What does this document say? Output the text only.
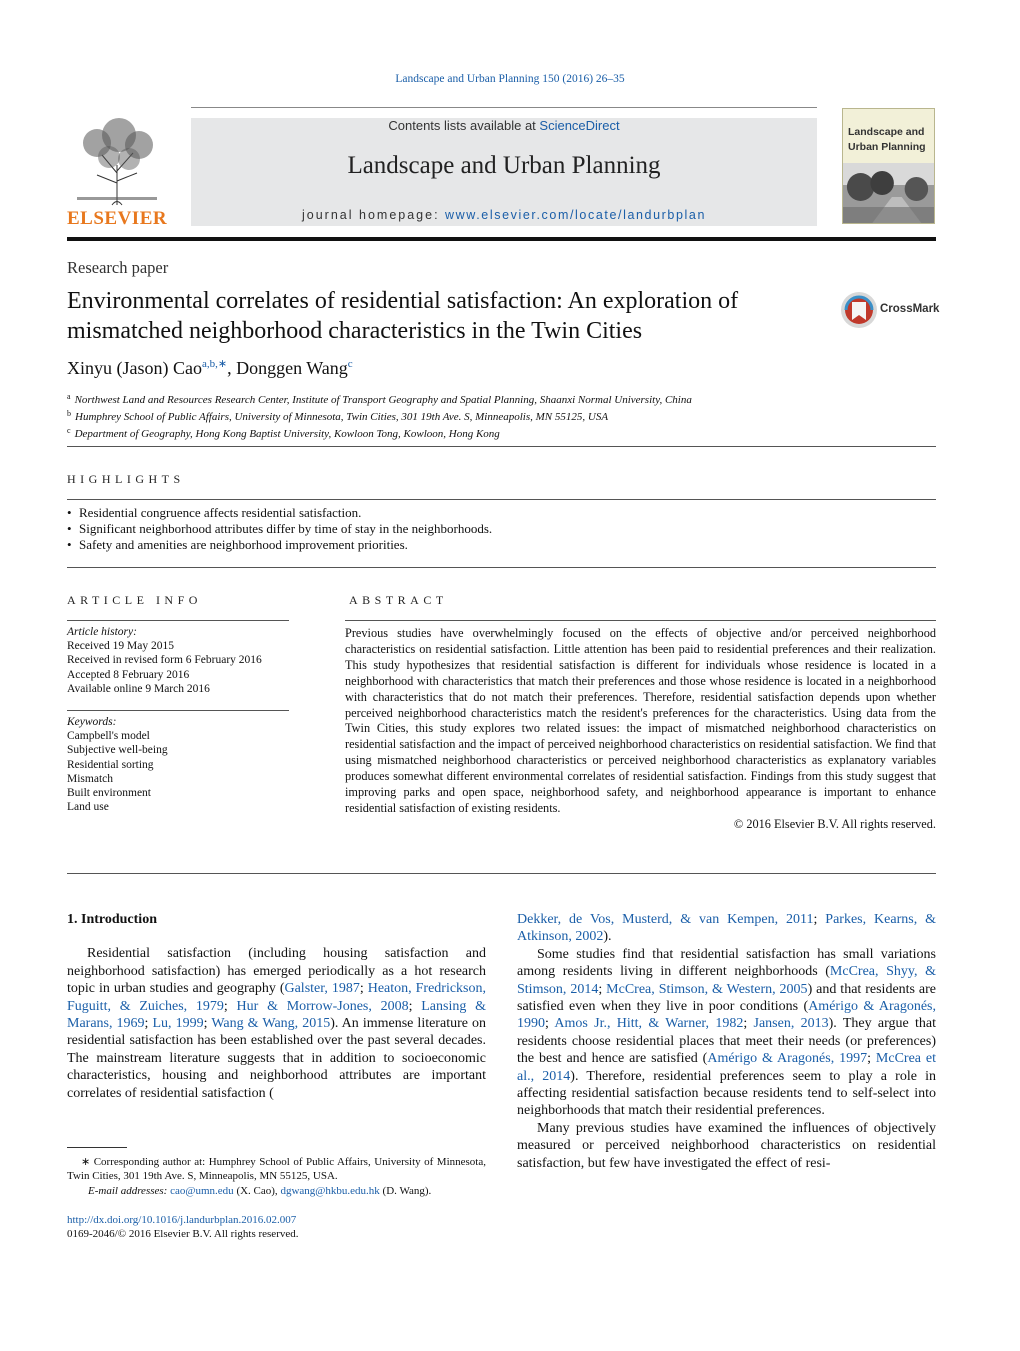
Landscape and Urban Planning 150 (2016) 26–35
ELSEVIER
Contents lists available at ScienceDirect
Landscape and Urban Planning
journal homepage: www.elsevier.com/locate/landurbplan
Landscape and
Urban Planning
Research paper
Environmental correlates of residential satisfaction: An exploration of mismatched neighborhood characteristics in the Twin Cities
CrossMark
Xinyu (Jason) Cao$^{a,b,∗}$, Donggen Wang$^c$
$^a$ Northwest Land and Resources Research Center, Institute of Transport Geography and Spatial Planning, Shaanxi Normal University, China
$^b$ Humphrey School of Public Affairs, University of Minnesota, Twin Cities, 301 19th Ave. S, Minneapolis, MN 55125, USA
$^c$ Department of Geography, Hong Kong Baptist University, Kowloon Tong, Kowloon, Hong Kong
HIGHLIGHTS
• Residential congruence affects residential satisfaction.
• Significant neighborhood attributes differ by time of stay in the neighborhoods.
• Safety and amenities are neighborhood improvement priorities.
ARTICLE INFO
Article history:
Received 19 May 2015
Received in revised form 6 February 2016
Accepted 8 February 2016
Available online 9 March 2016
Keywords:
Campbell's model
Subjective well-being
Residential sorting
Mismatch
Built environment
Land use
ABSTRACT
Previous studies have overwhelmingly focused on the effects of objective and/or perceived neighborhood characteristics on residential satisfaction. Little attention has been paid to residential preferences and their realization. This study hypothesizes that residential satisfaction is different for individuals whose residence is located in a neighborhood with characteristics that match their preferences and those whose residence is located in a neighborhood with characteristics that do not match their preferences. Therefore, residential satisfaction depends upon whether perceived neighborhood characteristics match the resident's preferences for the characteristics. Using data from the Twin Cities, this study explores two related issues: the impact of mismatched neighborhood characteristics on residential satisfaction and the impact of perceived neighborhood characteristics on residential satisfaction. We find that using mismatched neighborhood characteristics or perceived neighborhood characteristics as explanatory variables produces somewhat different environmental correlates of residential satisfaction. Findings from this study suggest that improving parks and open space, neighborhood safety, and neighborhood appearance is important to enhance residential satisfaction of existing residents.
© 2016 Elsevier B.V. All rights reserved.

1. Introduction

Residential satisfaction (including housing satisfaction and neighborhood satisfaction) has emerged periodically as a hot research topic in urban studies and geography (Galster, 1987; Heaton, Fredrickson, Fuguitt, & Zuiches, 1979; Hur & Morrow-Jones, 2008; Lansing & Marans, 1969; Lu, 1999; Wang & Wang, 2015). An immense literature on residential satisfaction has been established over the past several decades. The mainstream literature suggests that in addition to socioeconomic characteristics, housing and neighborhood attributes are important correlates of residential satisfaction (

Dekker, de Vos, Musterd, & van Kempen, 2011; Parkes, Kearns, & Atkinson, 2002).

Some studies find that residential satisfaction has small variations among residents living in different neighborhoods (McCrea, Shyy, & Stimson, 2014; McCrea, Stimson, & Western, 2005) and that residents are satisfied even when they live in poor conditions (Amérigo & Aragonés, 1990; Amos Jr., Hitt, & Warner, 1982; Jansen, 2013). They argue that residents choose residential places that meet their needs (or preferences) the best and hence are satisfied (Amérigo & Aragonés, 1997; McCrea et al., 2014). Therefore, residential preferences seem to play a role in affecting residential satisfaction because residents tend to self-select into neighborhoods that match their residential preferences.

Many previous studies have examined the influences of objectively measured or perceived neighborhood characteristics on residential satisfaction, but few have investigated the effect of resi-

∗ Corresponding author at: Humphrey School of Public Affairs, University of Minnesota, Twin Cities, 301 19th Ave. S, Minneapolis, MN 55125, USA.
E-mail addresses: cao@umn.edu (X. Cao), dgwang@hkbu.edu.hk (D. Wang).
http://dx.doi.org/10.1016/j.landurbplan.2016.02.007
0169-2046/© 2016 Elsevier B.V. All rights reserved.
